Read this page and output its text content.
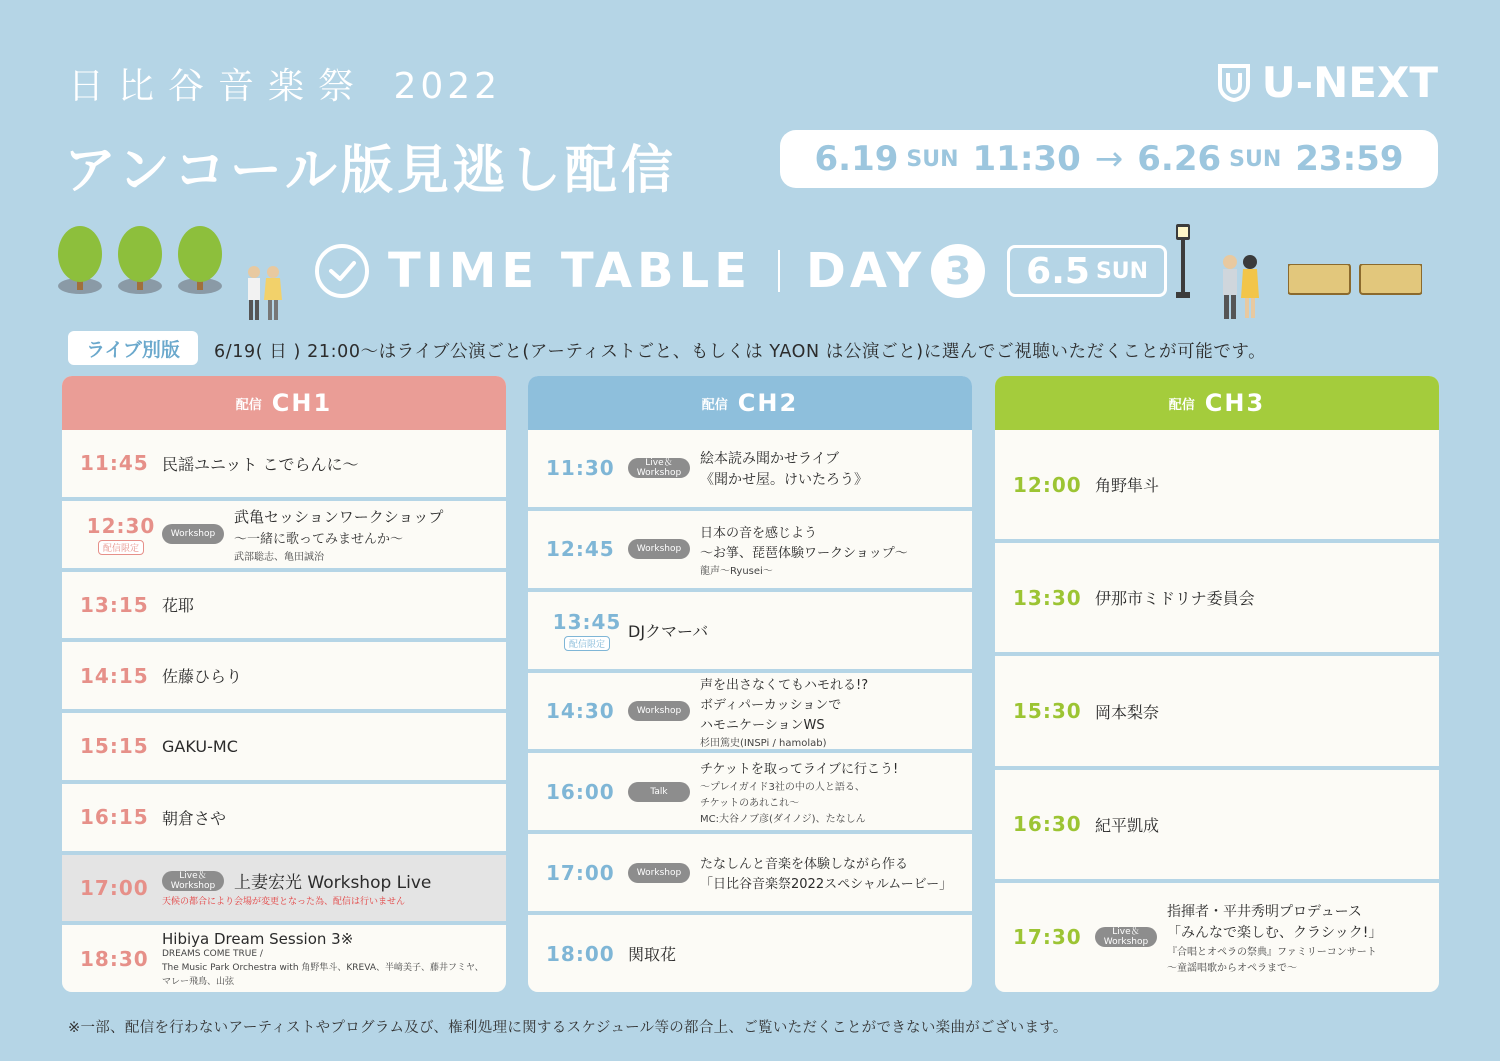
日比谷音楽祭 2022
アンコール版見逃し配信
U-NEXT
6.19 SUN 11:30 → 6.26 SUN 23:59
TIME TABLE DAY 3	6.5 SUN
ライブ別版	6/19( 日 ) 21:00〜はライブ公演ごと(アーティストごと、もしくは YAON は公演ごと)に選んでご視聴いただくことが可能です。
配信 CH1
11:45 民謡ユニット こでらんに〜
12:30
配信限定
Workshop
武亀セッションワークショップ
〜一緒に歌ってみませんか〜
武部聡志、亀田誠治
13:15 花耶
14:15 佐藤ひらり
15:15 GAKU-MC
16:15 朝倉さや
17:00	Live＆Workshop	上妻宏光 Workshop Live
天候の都合により会場が変更となった為、配信は行いません
18:30
Hibiya Dream Session 3※
DREAMS COME TRUE /
The Music Park Orchestra with 角野隼斗、KREVA、半﨑美子、藤井フミヤ、
マレー飛鳥、山弦
配信 CH2
11:30	Live＆Workshop
絵本読み聞かせライブ
《聞かせ屋。けいたろう》
12:45	Workshop
日本の音を感じよう
〜お箏、琵琶体験ワークショップ〜
龍声〜Ryusei〜
13:45
配信限定
DJクマーバ
14:30	Workshop
声を出さなくてもハモれる!?
ボディパーカッションで
ハモニケーションWS
杉田篤史(INSPi / hamolab)
16:00	Talk
チケットを取ってライブに行こう!
〜プレイガイド3社の中の人と語る、
チケットのあれこれ〜
MC:大谷ノブ彦(ダイノジ)、たなしん
17:00	Workshop
たなしんと音楽を体験しながら作る
「日比谷音楽祭2022スペシャルムービー」
18:00 関取花
配信 CH3
12:00 角野隼斗
13:30 伊那市ミドリナ委員会
15:30 岡本梨奈
16:30 紀平凱成
17:30	Live＆Workshop
指揮者・平井秀明プロデュース
「みんなで楽しむ、クラシック!」
『合唱とオペラの祭典』ファミリーコンサート
〜童謡唱歌からオペラまで〜
※一部、配信を行わないアーティストやプログラム及び、権利処理に関するスケジュール等の都合上、ご覧いただくことができない楽曲がございます。
